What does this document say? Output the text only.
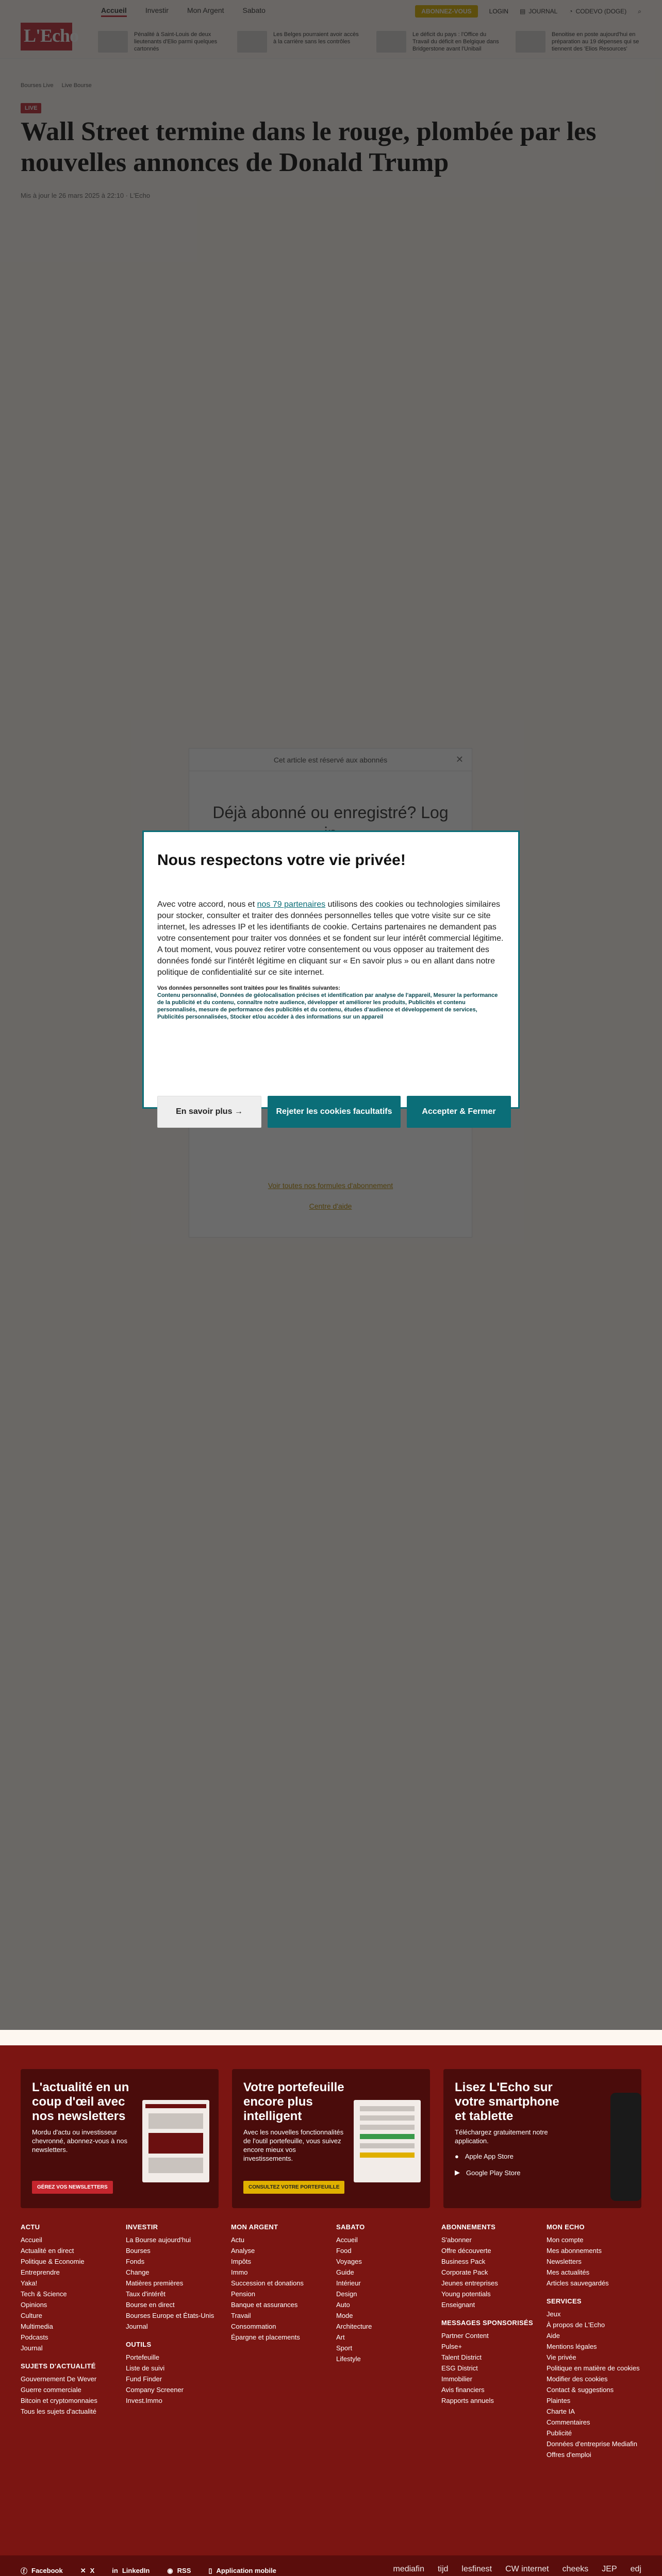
Nous respectons votre vie privée!
Avec votre accord, nous et nos 79 partenaires utilisons des cookies ou technologies similaires pour stocker, consulter et traiter des données personnelles telles que votre visite sur ce site internet, les adresses IP et les identifiants de cookie. Certains partenaires ne demandent pas votre consentement pour traiter vos données et se fondent sur leur intérêt commercial légitime. A tout moment, vous pouvez retirer votre consentement ou vous opposer au traitement des données fondé sur l'intérêt légitime en cliquant sur « En savoir plus » ou en allant dans notre politique de confidentialité sur ce site internet.
Vos données personnelles sont traitées pour les finalités suivantes:
Contenu personnalisé, Données de géolocalisation précises et identification par analyse de l'appareil, Mesurer la performance de la publicité et du contenu, connaître notre audience, développer et améliorer les produits, Publicités et contenu personnalisés, mesure de performance des publicités et du contenu, études d'audience et développement de services, Publicités personnalisées, Stocker et/ou accéder à des informations sur un appareil
En savoir plus →	Rejeter les cookies facultatifs	Accepter & Fermer
L'actualité en un coup d'œil avec nos newsletters

Mordu d'actu ou investisseur chevronné, abonnez-vous à nos newsletters.

GÉREZ VOS NEWSLETTERS
Votre portefeuille encore plus intelligent

Avec les nouvelles fonctionnalités de l'outil portefeuille, vous suivez encore mieux vos investissements.

CONSULTEZ VOTRE PORTEFEUILLE
Lisez L'Echo sur votre smartphone et tablette

Téléchargez gratuitement notre application.

● Apple App Store
▶ Google Play Store
ACTU
Accueil
Actualité en direct
Politique & Economie
Entreprendre
Yaka!
Tech & Science
Opinions
Culture
Multimedia
Podcasts
Journal
SUJETS D'ACTUALITÉ
Gouvernement De Wever
Guerre commerciale
Bitcoin et cryptomonnaies
Tous les sujets d'actualité
INVESTIR
La Bourse aujourd'hui
Bourses
Fonds
Change
Matières premières
Taux d'intérêt
Bourse en direct
Bourses Europe et États-Unis
Journal
OUTILS
Portefeuille
Liste de suivi
Fund Finder
Company Screener
Invest.Immo
MON ARGENT
Actu
Analyse
Impôts
Immo
Succession et donations
Pension
Banque et assurances
Travail
Consommation
Épargne et placements
SABATO
Accueil
Food
Voyages
Guide
Intérieur
Design
Auto
Mode
Architecture
Art
Sport
Lifestyle
ABONNEMENTS
S'abonner
Offre découverte
Business Pack
Corporate Pack
Jeunes entreprises
Young potentials
Enseignant
MESSAGES SPONSORISÉS
Partner Content
Pulse+
Talent District
ESG District
Immobilier
Avis financiers
Rapports annuels
MON ECHO
Mon compte
Mes abonnements
Newsletters
Mes actualités
Articles sauvegardés
SERVICES
Jeux
À propos de L'Echo
Aide
Mentions légales
Vie privée
Politique en matière de cookies
Modifier des cookies
Contact & suggestions
Plaintes
Charte IA
Commentaires
Publicité
Données d'entreprise Mediafin
Offres d'emploi
ⓕ Facebook	✕ X	in LinkedIn	◉ RSS	▯ Application mobile	mediafin tijd lesfinest CW internet cheeks JEP edj
